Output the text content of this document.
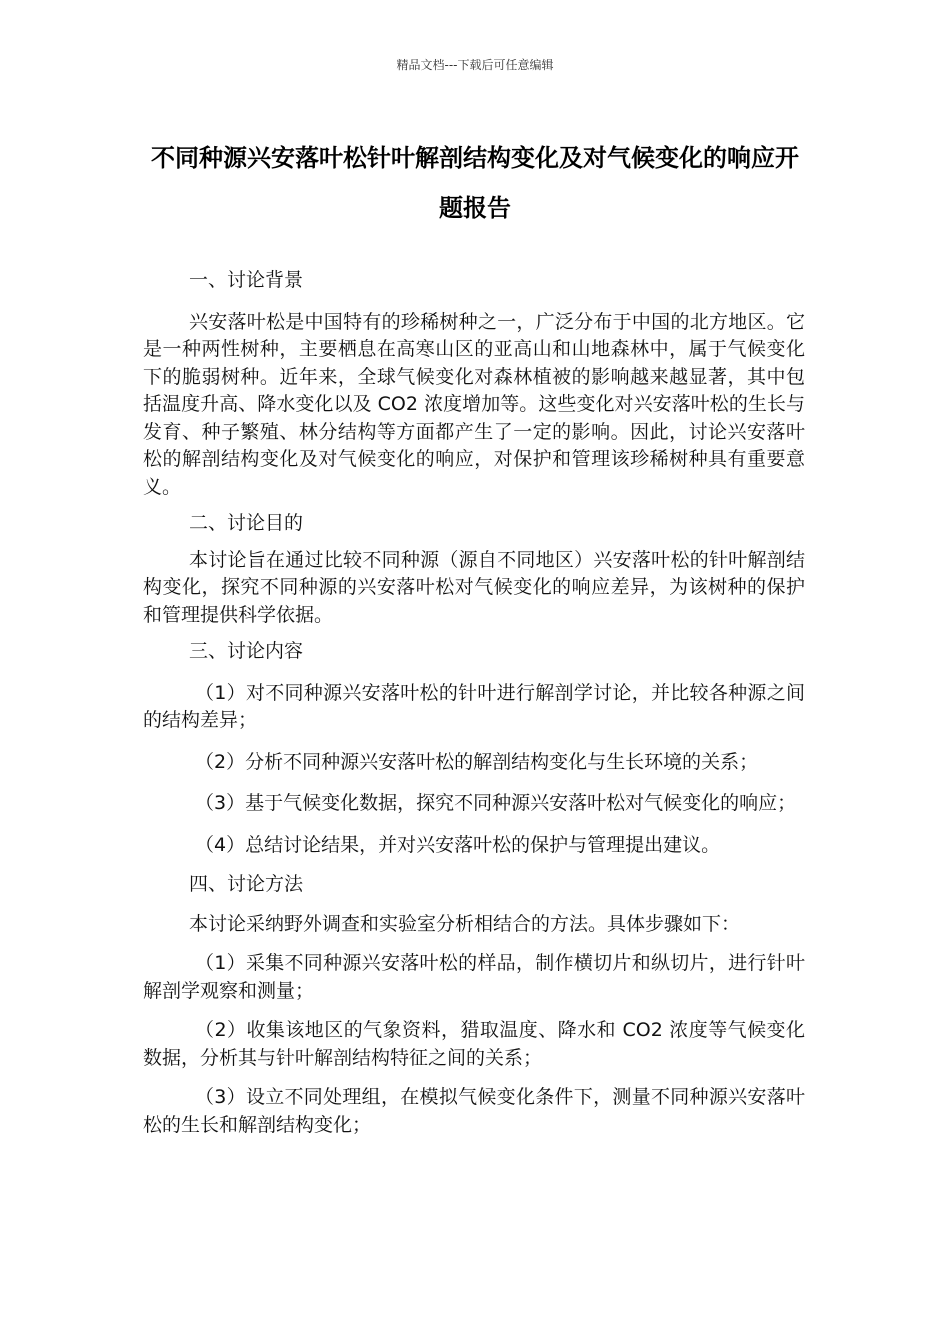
精品文档---下载后可任意编辑
不同种源兴安落叶松针叶解剖结构变化及对气候变化的响应开题报告

一、讨论背景

兴安落叶松是中国特有的珍稀树种之一，广泛分布于中国的北方地区。它是一种两性树种，主要栖息在高寒山区的亚高山和山地森林中，属于气候变化下的脆弱树种。近年来，全球气候变化对森林植被的影响越来越显著，其中包括温度升高、降水变化以及 CO2 浓度增加等。这些变化对兴安落叶松的生长与发育、种子繁殖、林分结构等方面都产生了一定的影响。因此，讨论兴安落叶松的解剖结构变化及对气候变化的响应，对保护和管理该珍稀树种具有重要意义。

二、讨论目的

本讨论旨在通过比较不同种源（源自不同地区）兴安落叶松的针叶解剖结构变化，探究不同种源的兴安落叶松对气候变化的响应差异，为该树种的保护和管理提供科学依据。

三、讨论内容

（1）对不同种源兴安落叶松的针叶进行解剖学讨论，并比较各种源之间的结构差异；

（2）分析不同种源兴安落叶松的解剖结构变化与生长环境的关系；

（3）基于气候变化数据，探究不同种源兴安落叶松对气候变化的响应；

（4）总结讨论结果，并对兴安落叶松的保护与管理提出建议。

四、讨论方法

本讨论采纳野外调查和实验室分析相结合的方法。具体步骤如下：

（1）采集不同种源兴安落叶松的样品，制作横切片和纵切片，进行针叶解剖学观察和测量；

（2）收集该地区的气象资料，猎取温度、降水和 CO2 浓度等气候变化数据，分析其与针叶解剖结构特征之间的关系；

（3）设立不同处理组，在模拟气候变化条件下，测量不同种源兴安落叶松的生长和解剖结构变化；
